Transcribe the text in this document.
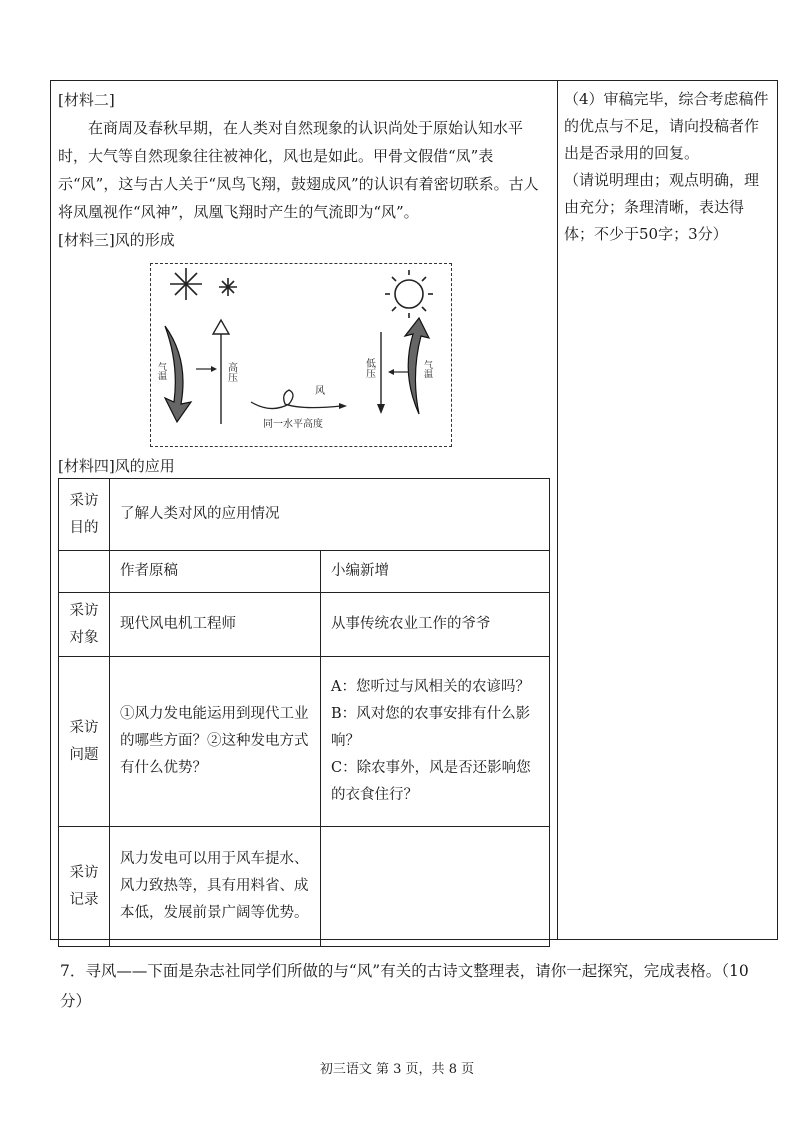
[材料二]

在商周及春秋早期，在人类对自然现象的认识尚处于原始认知水平时，大气等自然现象往往被神化，风也是如此。甲骨文假借“凤”表示“风”，这与古人关于“凤鸟飞翔，鼓翅成风”的认识有着密切联系。古人将凤凰视作“风神”，凤凰飞翔时产生的气流即为“风”。

[材料三]风的形成
气温	高压	低压	气温
风
同一水平高度
[材料四]风的应用
采访目的	了解人类对风的应用情况	
	作者原稿	小编新增
采访对象	现代风电机工程师	从事传统农业工作的爷爷
采访问题	①风力发电能运用到现代工业的哪些方面？②这种发电方式有什么优势？	A：您听过与风相关的农谚吗？
B：风对您的农事安排有什么影响？
C：除农事外，风是否还影响您的衣食住行？

采访记录	风力发电可以用于风车提水、风力致热等，具有用料省、成本低，发展前景广阔等优势。	

（4）审稿完毕，综合考虑稿件的优点与不足，请向投稿者作出是否录用的回复。

（请说明理由；观点明确，理由充分；条理清晰，表达得体；不少于50字；3分）

7．寻风——下面是杂志社同学们所做的与“风”有关的古诗文整理表，请你一起探究，完成表格。（10分）

初三语文 第 3 页，共 8 页
